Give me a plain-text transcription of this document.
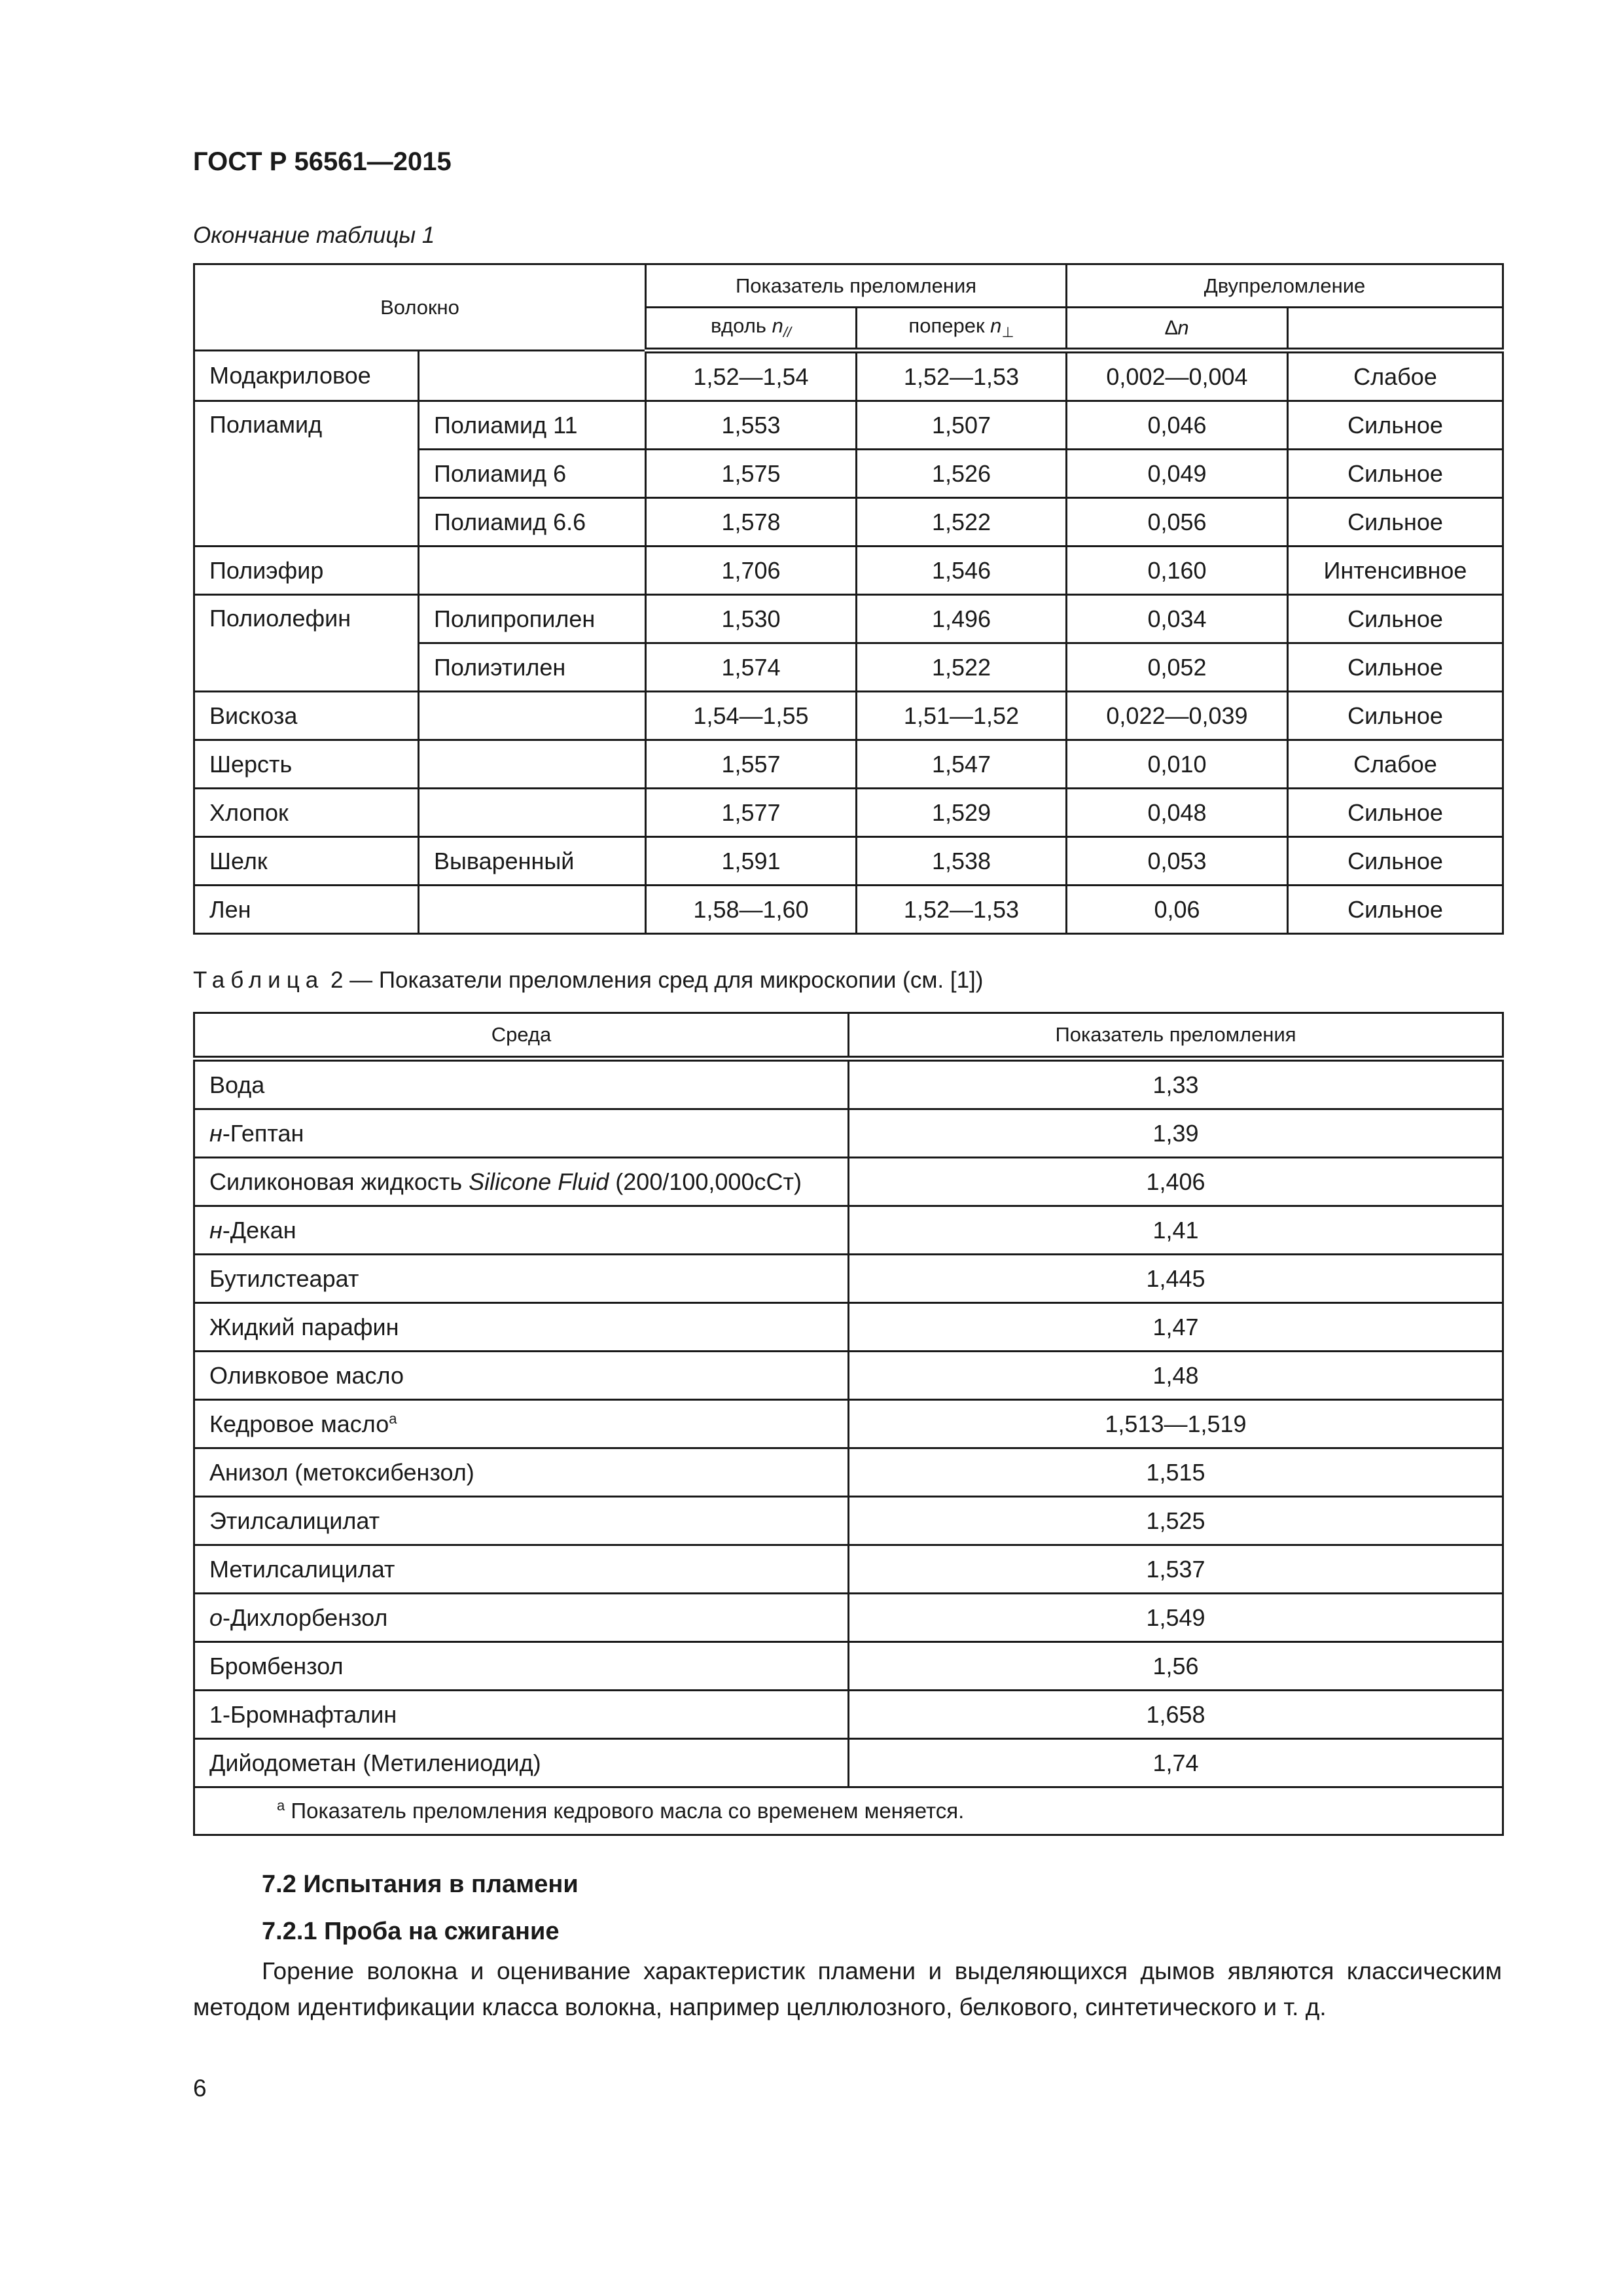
ГОСТ Р 56561—2015
Окончание таблицы 1
Волокно		Показатель преломления		Двупреломление	
		вдоль $n_{//}$	поперек $n_\perp$	∆n	
Модакриловое		1,52—1,54	1,52—1,53	0,002—0,004	Слабое
Полиамид	Полиамид 11	1,553	1,507	0,046	Сильное
	Полиамид 6	1,575	1,526	0,049	Сильное
	Полиамид 6.6	1,578	1,522	0,056	Сильное
Полиэфир		1,706	1,546	0,160	Интенсивное
Полиолефин	Полипропилен	1,530	1,496	0,034	Сильное
	Полиэтилен	1,574	1,522	0,052	Сильное
Вискоза		1,54—1,55	1,51—1,52	0,022—0,039	Сильное
Шерсть		1,557	1,547	0,010	Слабое
Хлопок		1,577	1,529	0,048	Сильное
Шелк	Вываренный	1,591	1,538	0,053	Сильное
Лен		1,58—1,60	1,52—1,53	0,06	Сильное
Таблица 2 — Показатели преломления сред для микроскопии (см. [1])
Среда	Показатель преломления
Вода	1,33
н-Гептан	1,39
Силиконовая жидкость Silicone Fluid (200/100,000cСт)	1,406
н-Декан	1,41
Бутилстеарат	1,445
Жидкий парафин	1,47
Оливковое масло	1,48
Кедровое масло$^a$	1,513—1,519
Анизол (метоксибензол)	1,515
Этилсалицилат	1,525
Метилсалицилат	1,537
о-Дихлорбензол	1,549
Бромбензол	1,56
1-Бромнафталин	1,658
Дийодометан (Метилениодид)	1,74
$^a$ Показатель преломления кедрового масла со временем меняется.	
7.2 Испытания в пламени
7.2.1 Проба на сжигание
Горение волокна и оценивание характеристик пламени и выделяющихся дымов являются классическим методом идентификации класса волокна, например целлюлозного, белкового, синтетического и т. д.
6
